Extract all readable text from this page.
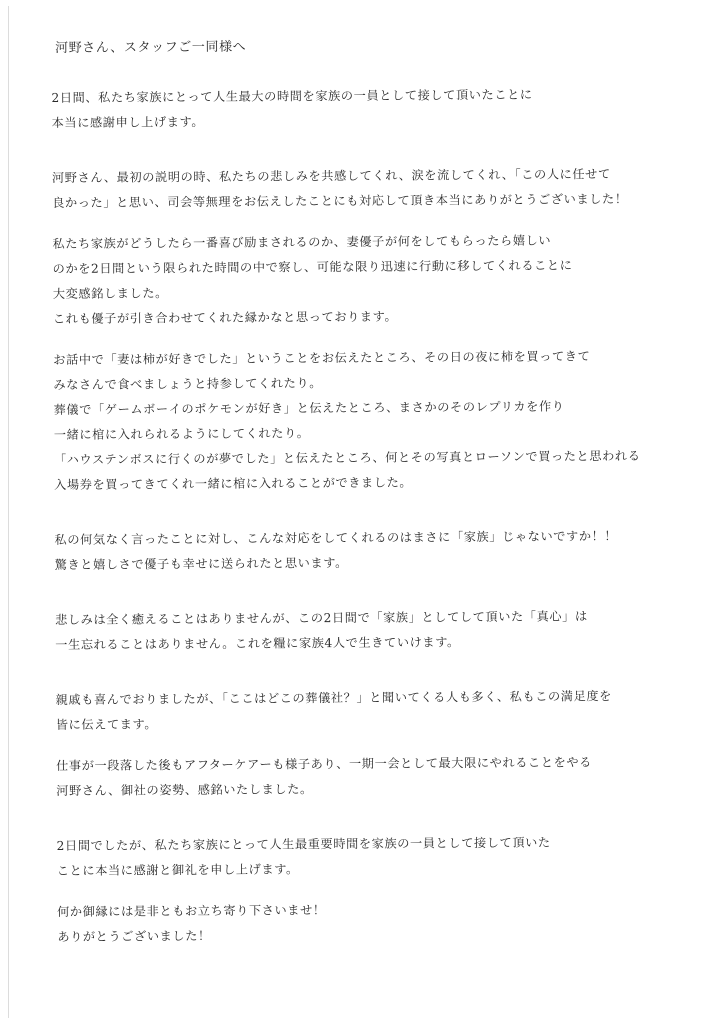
河野さん、スタッフご一同様へ
2日間、私たち家族にとって人生最大の時間を家族の一員として接して頂いたことに
本当に感謝申し上げます。
河野さん、最初の説明の時、私たちの悲しみを共感してくれ、涙を流してくれ、「この人に任せて
良かった」と思い、司会等無理をお伝えしたことにも対応して頂き本当にありがとうございました！
私たち家族がどうしたら一番喜び励まされるのか、妻優子が何をしてもらったら嬉しい
のかを2日間という限られた時間の中で察し、可能な限り迅速に行動に移してくれることに
大変感銘しました。
これも優子が引き合わせてくれた縁かなと思っております。
お話中で「妻は柿が好きでした」ということをお伝えたところ、その日の夜に柿を買ってきて
みなさんで食べましょうと持参してくれたり。
葬儀で「ゲームボーイのポケモンが好き」と伝えたところ、まさかのそのレプリカを作り
一緒に棺に入れられるようにしてくれたり。
「ハウステンボスに行くのが夢でした」と伝えたところ、何とその写真とローソンで買ったと思われる
入場券を買ってきてくれ一緒に棺に入れることができました。
私の何気なく言ったことに対し、こんな対応をしてくれるのはまさに「家族」じゃないですか！！
驚きと嬉しさで優子も幸せに送られたと思います。
悲しみは全く癒えることはありませんが、この2日間で「家族」としてして頂いた「真心」は
一生忘れることはありません。これを糧に家族4人で生きていけます。
親戚も喜んでおりましたが、「ここはどこの葬儀社？」と聞いてくる人も多く、私もこの満足度を
皆に伝えてます。
仕事が一段落した後もアフターケアーも様子あり、一期一会として最大限にやれることをやる
河野さん、御社の姿勢、感銘いたしました。
2日間でしたが、私たち家族にとって人生最重要時間を家族の一員として接して頂いた
ことに本当に感謝と御礼を申し上げます。
何か御縁には是非ともお立ち寄り下さいませ！
ありがとうございました！
